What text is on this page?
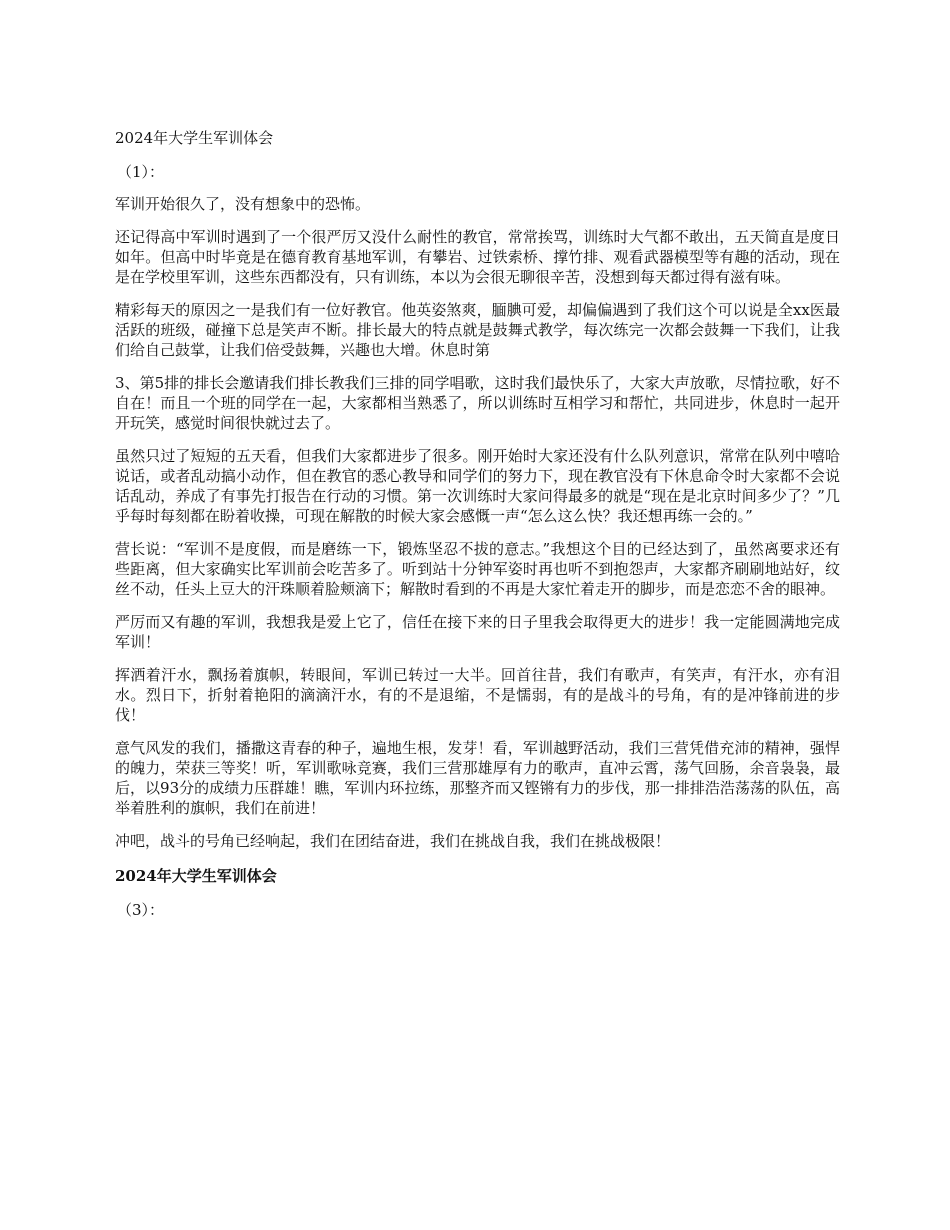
2024年大学生军训体会
（1）：

军训开始很久了，没有想象中的恐怖。

还记得高中军训时遇到了一个很严厉又没什么耐性的教官，常常挨骂，训练时大气都不敢出，五天简直是度日如年。但高中时毕竟是在德育教育基地军训，有攀岩、过铁索桥、撑竹排、观看武器模型等有趣的活动，现在是在学校里军训，这些东西都没有，只有训练，本以为会很无聊很辛苦，没想到每天都过得有滋有味。

精彩每天的原因之一是我们有一位好教官。他英姿煞爽，腼腆可爱，却偏偏遇到了我们这个可以说是全xx医最活跃的班级，碰撞下总是笑声不断。排长最大的特点就是鼓舞式教学，每次练完一次都会鼓舞一下我们，让我们给自己鼓掌，让我们倍受鼓舞，兴趣也大增。休息时第

3、第5排的排长会邀请我们排长教我们三排的同学唱歌，这时我们最快乐了，大家大声放歌，尽情拉歌，好不自在！而且一个班的同学在一起，大家都相当熟悉了，所以训练时互相学习和帮忙，共同进步，休息时一起开开玩笑，感觉时间很快就过去了。

虽然只过了短短的五天看，但我们大家都进步了很多。刚开始时大家还没有什么队列意识，常常在队列中嘻哈说话，或者乱动搞小动作，但在教官的悉心教导和同学们的努力下，现在教官没有下休息命令时大家都不会说话乱动，养成了有事先打报告在行动的习惯。第一次训练时大家问得最多的就是“现在是北京时间多少了？”几乎每时每刻都在盼着收操，可现在解散的时候大家会感慨一声“怎么这么快？我还想再练一会的。”

营长说：“军训不是度假，而是磨练一下，锻炼坚忍不拔的意志。”我想这个目的已经达到了，虽然离要求还有些距离，但大家确实比军训前会吃苦多了。听到站十分钟军姿时再也听不到抱怨声，大家都齐刷刷地站好，纹丝不动，任头上豆大的汗珠顺着脸颊滴下；解散时看到的不再是大家忙着走开的脚步，而是恋恋不舍的眼神。

严厉而又有趣的军训，我想我是爱上它了，信任在接下来的日子里我会取得更大的进步！我一定能圆满地完成军训！

挥洒着汗水，飘扬着旗帜，转眼间，军训已转过一大半。回首往昔，我们有歌声，有笑声，有汗水，亦有泪水。烈日下，折射着艳阳的滴滴汗水，有的不是退缩，不是懦弱，有的是战斗的号角，有的是冲锋前进的步伐！

意气风发的我们，播撒这青春的种子，遍地生根，发芽！看，军训越野活动，我们三营凭借充沛的精神，强悍的魄力，荣获三等奖！听，军训歌咏竞赛，我们三营那雄厚有力的歌声，直冲云霄，荡气回肠，余音袅袅，最后，以93分的成绩力压群雄！瞧，军训内环拉练，那整齐而又铿锵有力的步伐，那一排排浩浩荡荡的队伍，高举着胜利的旗帜，我们在前进！

冲吧，战斗的号角已经响起，我们在团结奋进，我们在挑战自我，我们在挑战极限！

2024年大学生军训体会
（3）：
